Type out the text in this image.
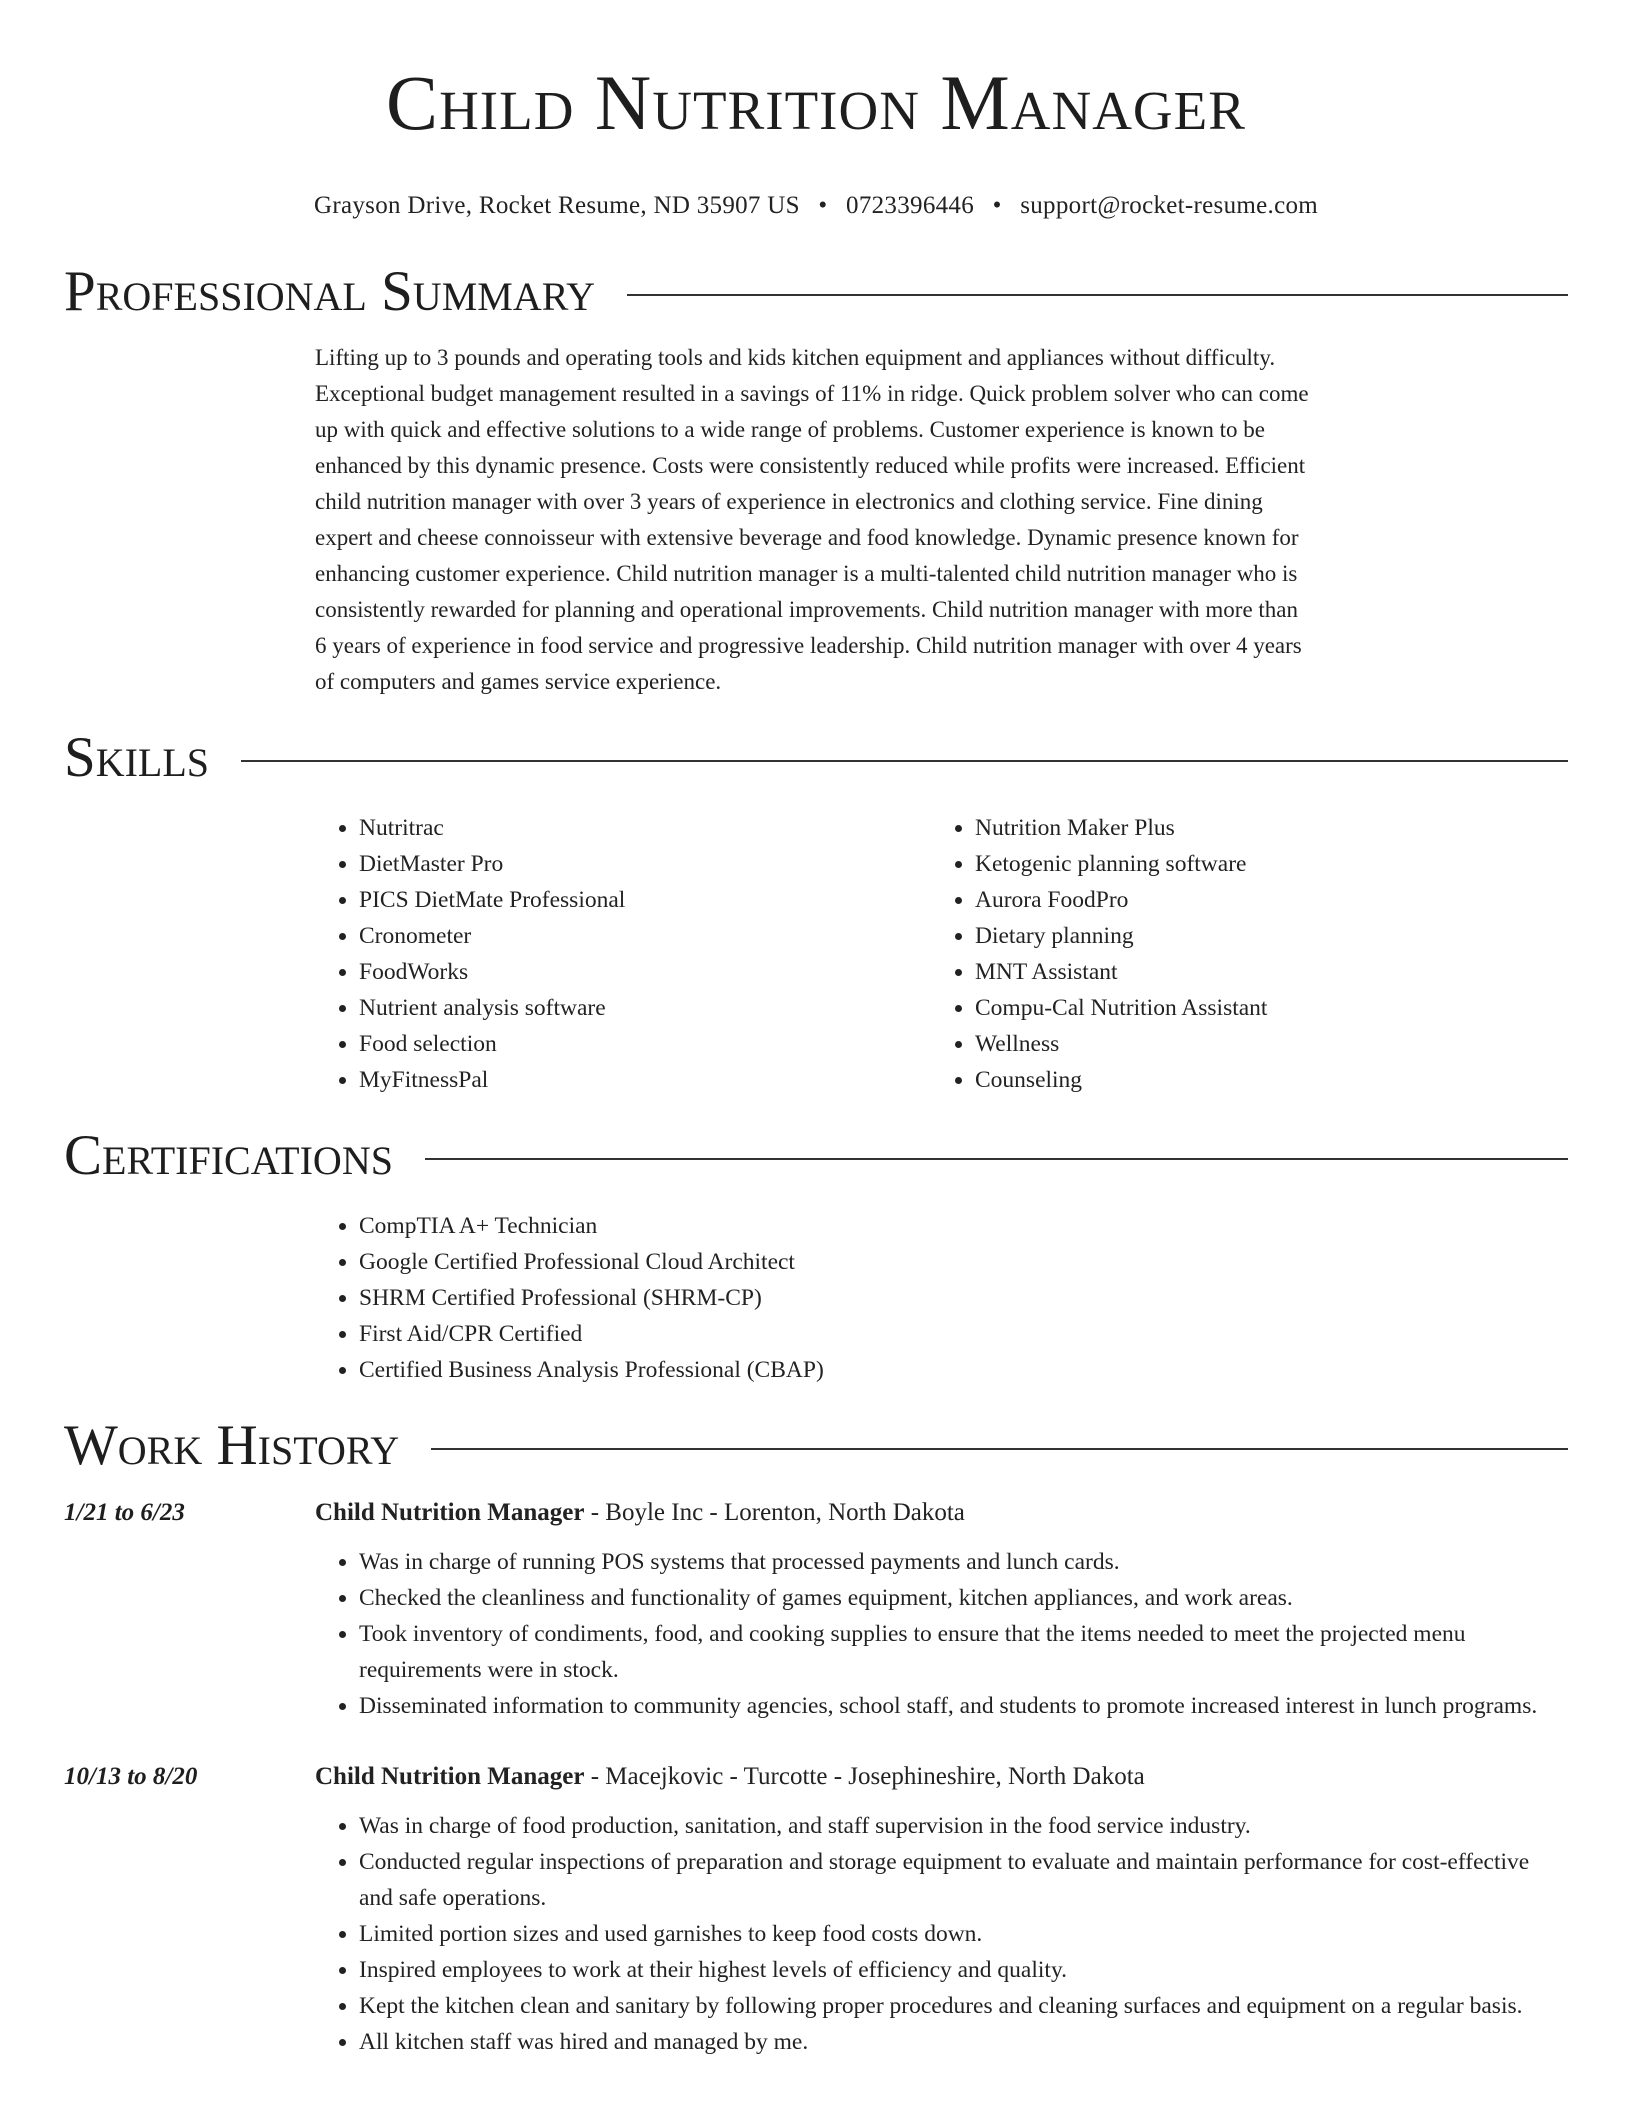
Child Nutrition Manager
Grayson Drive, Rocket Resume, ND 35907 US • 0723396446 • support@rocket-resume.com
Professional Summary
Lifting up to 3 pounds and operating tools and kids kitchen equipment and appliances without difficulty. Exceptional budget management resulted in a savings of 11% in ridge. Quick problem solver who can come up with quick and effective solutions to a wide range of problems. Customer experience is known to be enhanced by this dynamic presence. Costs were consistently reduced while profits were increased. Efficient child nutrition manager with over 3 years of experience in electronics and clothing service. Fine dining expert and cheese connoisseur with extensive beverage and food knowledge. Dynamic presence known for enhancing customer experience. Child nutrition manager is a multi-talented child nutrition manager who is consistently rewarded for planning and operational improvements. Child nutrition manager with more than 6 years of experience in food service and progressive leadership. Child nutrition manager with over 4 years of computers and games service experience.
Skills
• Nutritrac
• DietMaster Pro
• PICS DietMate Professional
• Cronometer
• FoodWorks
• Nutrient analysis software
• Food selection
• MyFitnessPal
• Nutrition Maker Plus
• Ketogenic planning software
• Aurora FoodPro
• Dietary planning
• MNT Assistant
• Compu-Cal Nutrition Assistant
• Wellness
• Counseling
Certifications
• CompTIA A+ Technician
• Google Certified Professional Cloud Architect
• SHRM Certified Professional (SHRM-CP)
• First Aid/CPR Certified
• Certified Business Analysis Professional (CBAP)
Work History
1/21 to 6/23	Child Nutrition Manager - Boyle Inc - Lorenton, North Dakota
• Was in charge of running POS systems that processed payments and lunch cards.
• Checked the cleanliness and functionality of games equipment, kitchen appliances, and work areas.
• Took inventory of condiments, food, and cooking supplies to ensure that the items needed to meet the projected menu requirements were in stock.
• Disseminated information to community agencies, school staff, and students to promote increased interest in lunch programs.
10/13 to 8/20	Child Nutrition Manager - Macejkovic - Turcotte - Josephineshire, North Dakota
• Was in charge of food production, sanitation, and staff supervision in the food service industry.
• Conducted regular inspections of preparation and storage equipment to evaluate and maintain performance for cost-effective and safe operations.
• Limited portion sizes and used garnishes to keep food costs down.
• Inspired employees to work at their highest levels of efficiency and quality.
• Kept the kitchen clean and sanitary by following proper procedures and cleaning surfaces and equipment on a regular basis.
• All kitchen staff was hired and managed by me.
